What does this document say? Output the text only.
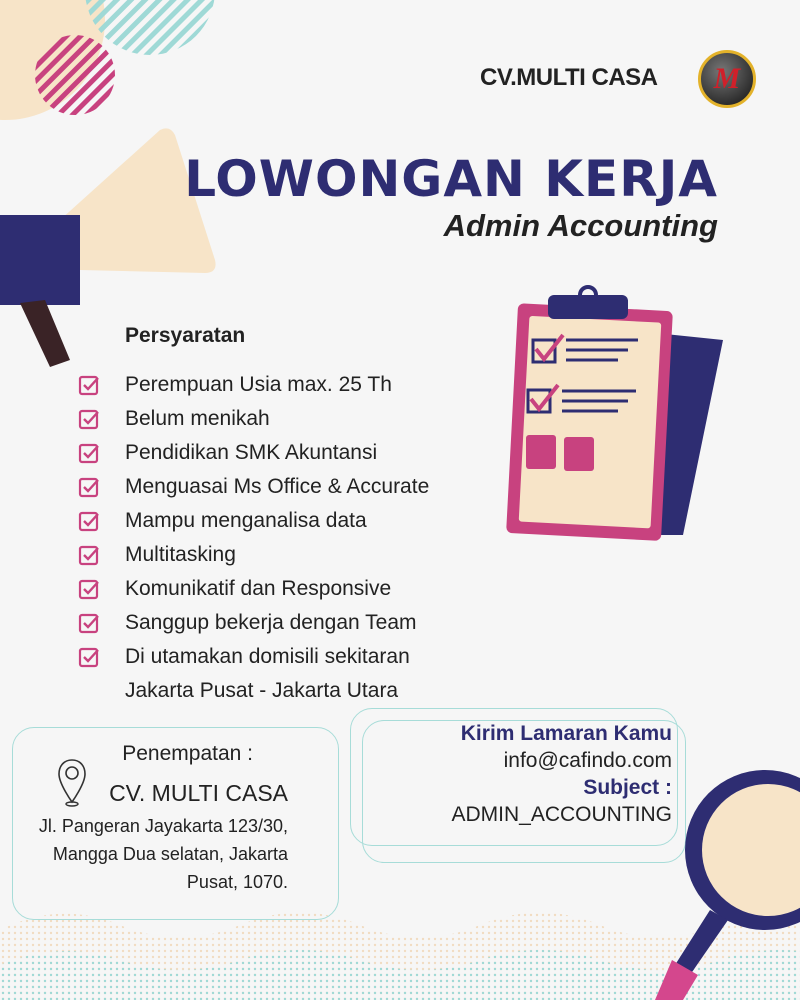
CV.MULTI CASA M
LOWONGAN KERJA
Admin Accounting
Persyaratan
Perempuan Usia max. 25 Th
Belum menikah
Pendidikan SMK Akuntansi
Menguasai Ms Office & Accurate
Mampu menganalisa data
Multitasking
Komunikatif dan Responsive
Sanggup bekerja dengan Team
Di utamakan domisili sekitaran
Jakarta Pusat - Jakarta Utara
Penempatan :
CV. MULTI CASA
Jl. Pangeran Jayakarta 123/30,
Mangga Dua selatan, Jakarta
Pusat, 1070.
Kirim Lamaran Kamu
info@cafindo.com
Subject :
ADMIN_ACCOUNTING
